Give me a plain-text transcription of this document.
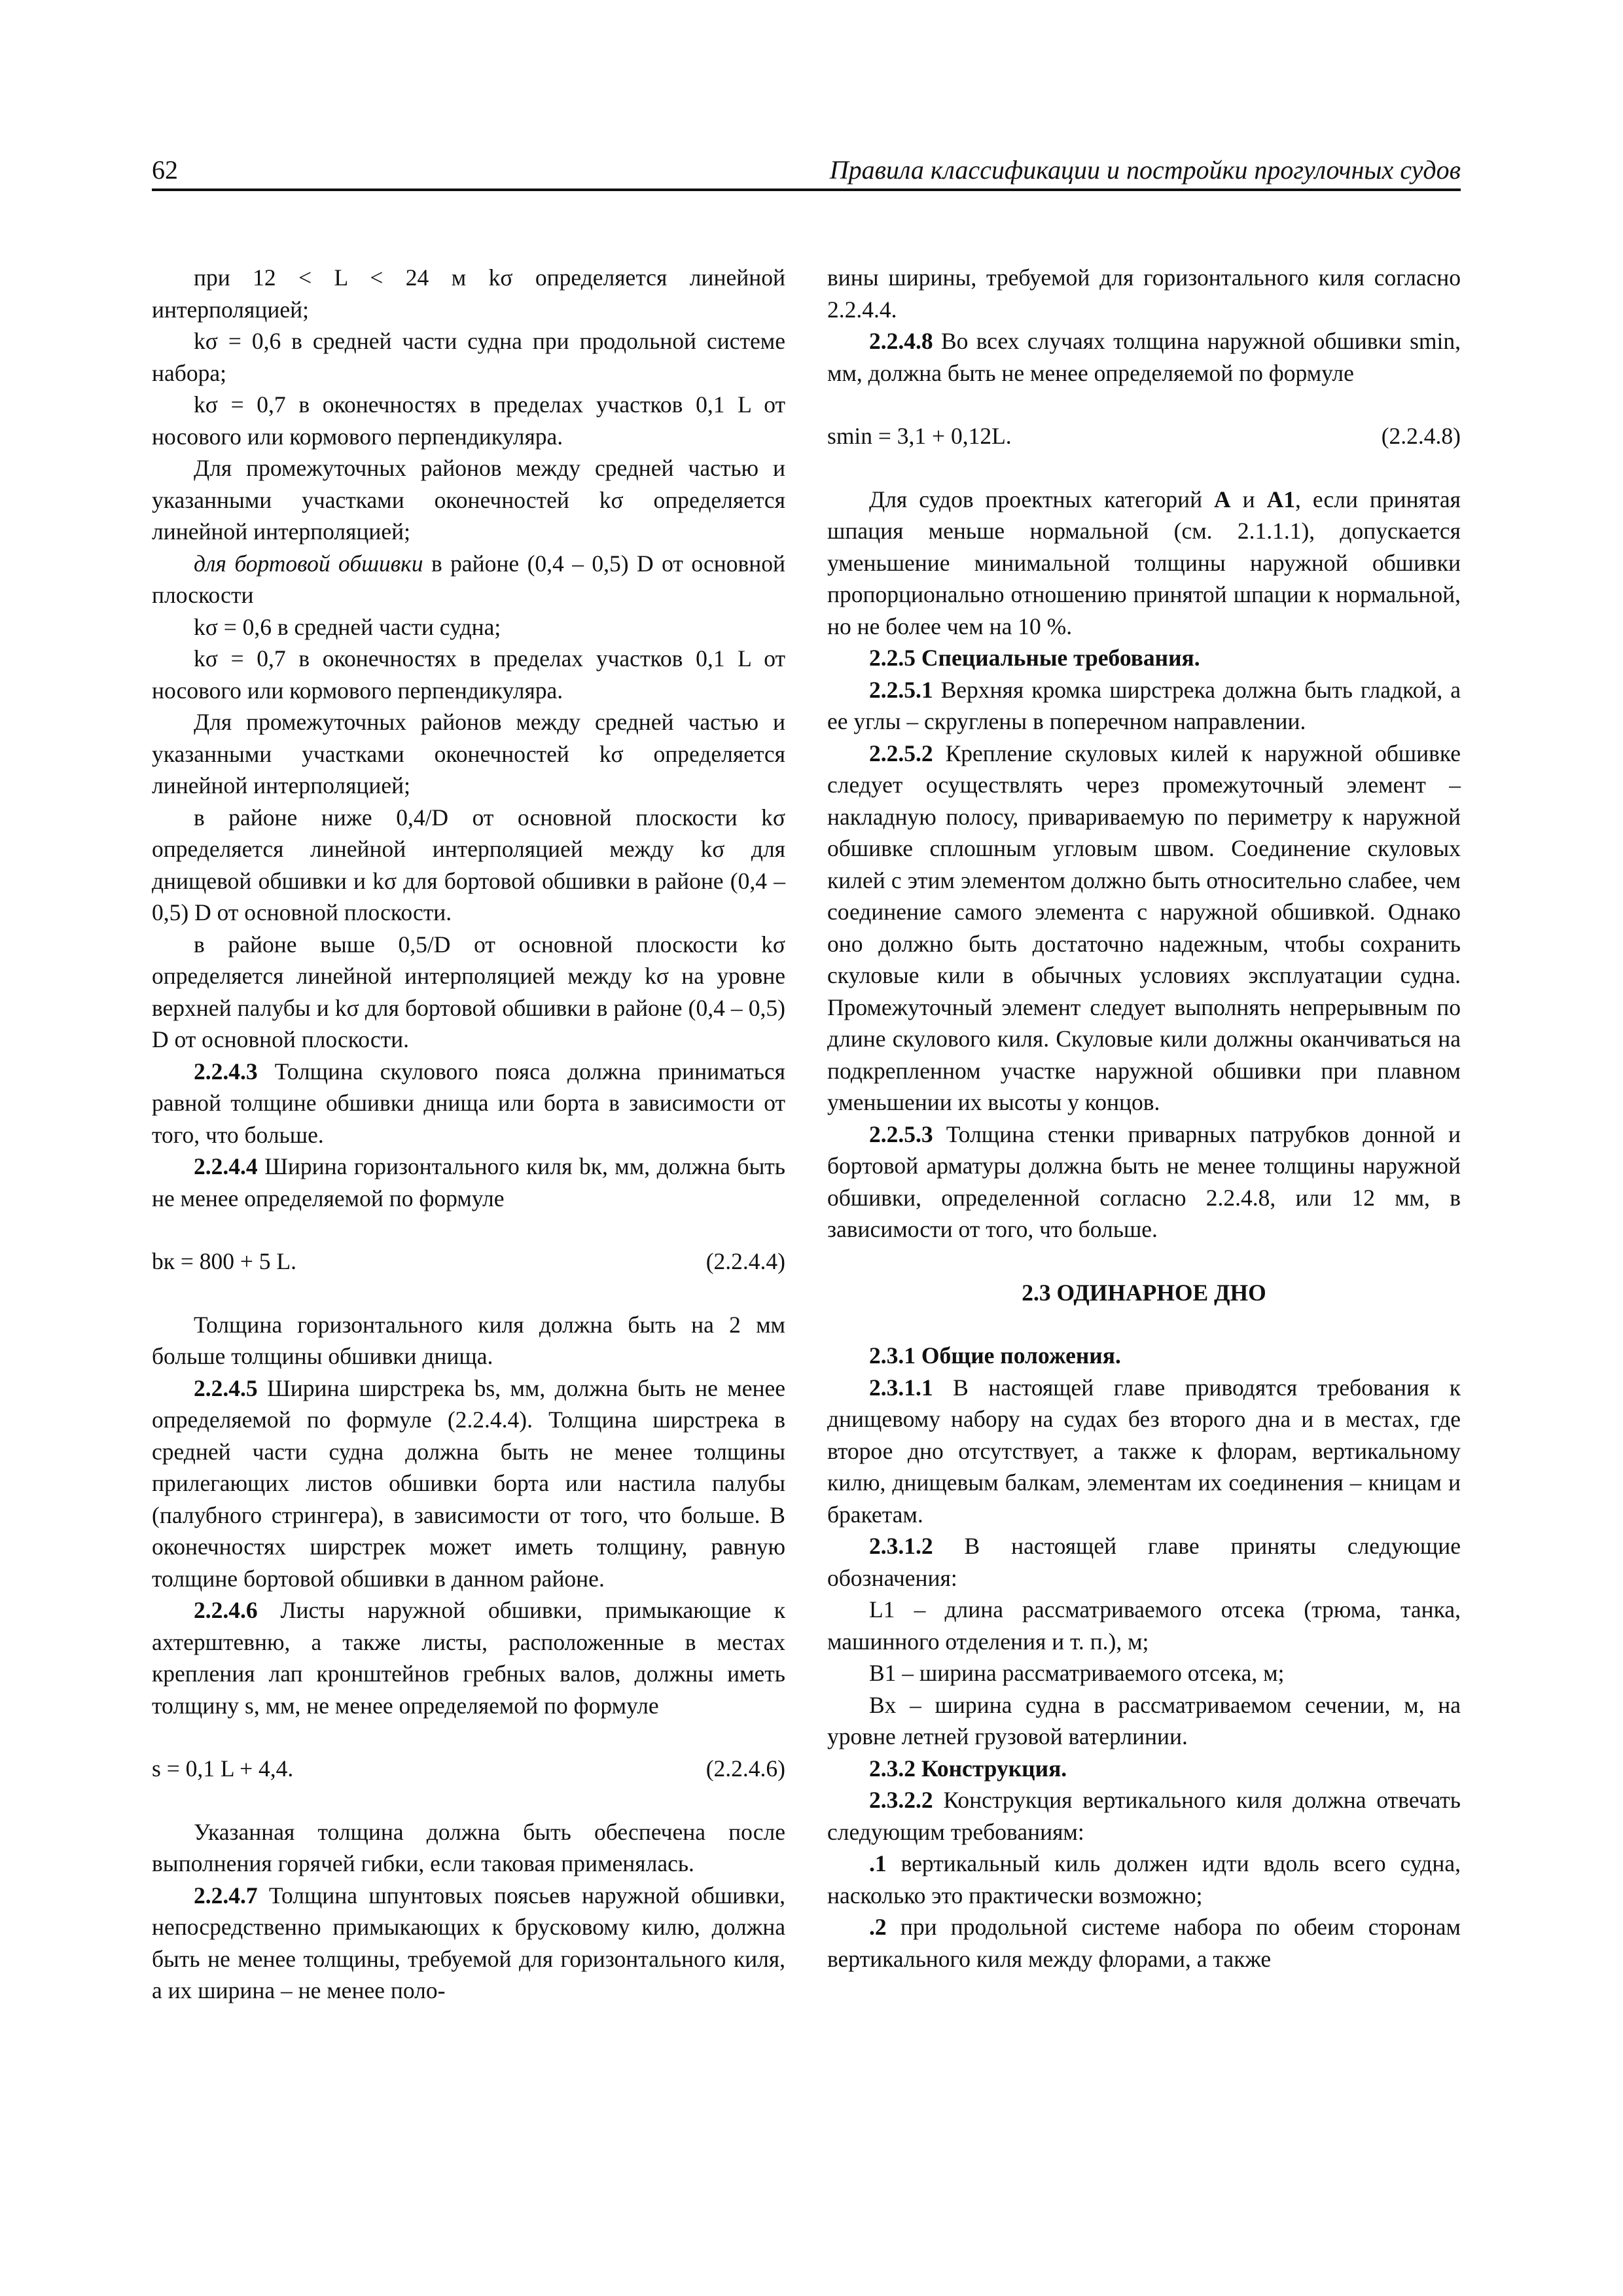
62	Правила классификации и постройки прогулочных судов

при 12 < L < 24 м kσ определяется линейной интерполяцией;

kσ = 0,6 в средней части судна при продольной системе набора;

kσ = 0,7 в оконечностях в пределах участков 0,1 L от носового или кормового перпендикуляра.

Для промежуточных районов между средней частью и указанными участками оконечностей kσ определяется линейной интерполяцией;

для бортовой обшивки в районе (0,4 – 0,5) D от основной плоскости

kσ = 0,6 в средней части судна;

kσ = 0,7 в оконечностях в пределах участков 0,1 L от носового или кормового перпендикуляра.

Для промежуточных районов между средней частью и указанными участками оконечностей kσ определяется линейной интерполяцией;

в районе ниже 0,4/D от основной плоскости kσ определяется линейной интерполяцией между kσ для днищевой обшивки и kσ для бортовой обшивки в районе (0,4 – 0,5) D от основной плоскости.

в районе выше 0,5/D от основной плоскости kσ определяется линейной интерполяцией между kσ на уровне верхней палубы и kσ для бортовой обшивки в районе (0,4 – 0,5) D от основной плоскости.

2.2.4.3 Толщина скулового пояса должна приниматься равной толщине обшивки днища или борта в зависимости от того, что больше.

2.2.4.4 Ширина горизонтального киля bк, мм, должна быть не менее определяемой по формуле

bк = 800 + 5 L.	(2.2.4.4)

Толщина горизонтального киля должна быть на 2 мм больше толщины обшивки днища.

2.2.4.5 Ширина ширстрека bs, мм, должна быть не менее определяемой по формуле (2.2.4.4). Толщина ширстрека в средней части судна должна быть не менее толщины прилегающих листов обшивки борта или настила палубы (палубного стрингера), в зависимости от того, что больше. В оконечностях ширстрек может иметь толщину, равную толщине бортовой обшивки в данном районе.

2.2.4.6 Листы наружной обшивки, примыкающие к ахтерштевню, а также листы, расположенные в местах крепления лап кронштейнов гребных валов, должны иметь толщину s, мм, не менее определяемой по формуле

s = 0,1 L + 4,4.	(2.2.4.6)

Указанная толщина должна быть обеспечена после выполнения горячей гибки, если таковая применялась.

2.2.4.7 Толщина шпунтовых поясьев наружной обшивки, непосредственно примыкающих к брусковому килю, должна быть не менее толщины, требуемой для горизонтального киля, а их ширина – не менее поло-

вины ширины, требуемой для горизонтального киля согласно 2.2.4.4.

2.2.4.8 Во всех случаях толщина наружной обшивки smin, мм, должна быть не менее определяемой по формуле

smin = 3,1 + 0,12L.	(2.2.4.8)

Для судов проектных категорий A и A1, если принятая шпация меньше нормальной (см. 2.1.1.1), допускается уменьшение минимальной толщины наружной обшивки пропорционально отношению принятой шпации к нормальной, но не более чем на 10 %.

2.2.5 Специальные требования.

2.2.5.1 Верхняя кромка ширстрека должна быть гладкой, а ее углы – скруглены в поперечном направлении.

2.2.5.2 Крепление скуловых килей к наружной обшивке следует осуществлять через промежуточный элемент – накладную полосу, привариваемую по периметру к наружной обшивке сплошным угловым швом. Соединение скуловых килей с этим элементом должно быть относительно слабее, чем соединение самого элемента с наружной обшивкой. Однако оно должно быть достаточно надежным, чтобы сохранить скуловые кили в обычных условиях эксплуатации судна. Промежуточный элемент следует выполнять непрерывным по длине скулового киля. Скуловые кили должны оканчиваться на подкрепленном участке наружной обшивки при плавном уменьшении их высоты у концов.

2.2.5.3 Толщина стенки приварных патрубков донной и бортовой арматуры должна быть не менее толщины наружной обшивки, определенной согласно 2.2.4.8, или 12 мм, в зависимости от того, что больше.

2.3 ОДИНАРНОЕ ДНО

2.3.1 Общие положения.

2.3.1.1 В настоящей главе приводятся требования к днищевому набору на судах без второго дна и в местах, где второе дно отсутствует, а также к флорам, вертикальному килю, днищевым балкам, элементам их соединения – кницам и бракетам.

2.3.1.2 В настоящей главе приняты следующие обозначения:

L1 – длина рассматриваемого отсека (трюма, танка, машинного отделения и т. п.), м;

B1 – ширина рассматриваемого отсека, м;

Bx – ширина судна в рассматриваемом сечении, м, на уровне летней грузовой ватерлинии.

2.3.2 Конструкция.

2.3.2.2 Конструкция вертикального киля должна отвечать следующим требованиям:

.1 вертикальный киль должен идти вдоль всего судна, насколько это практически возможно;

.2 при продольной системе набора по обеим сторонам вертикального киля между флорами, а также
